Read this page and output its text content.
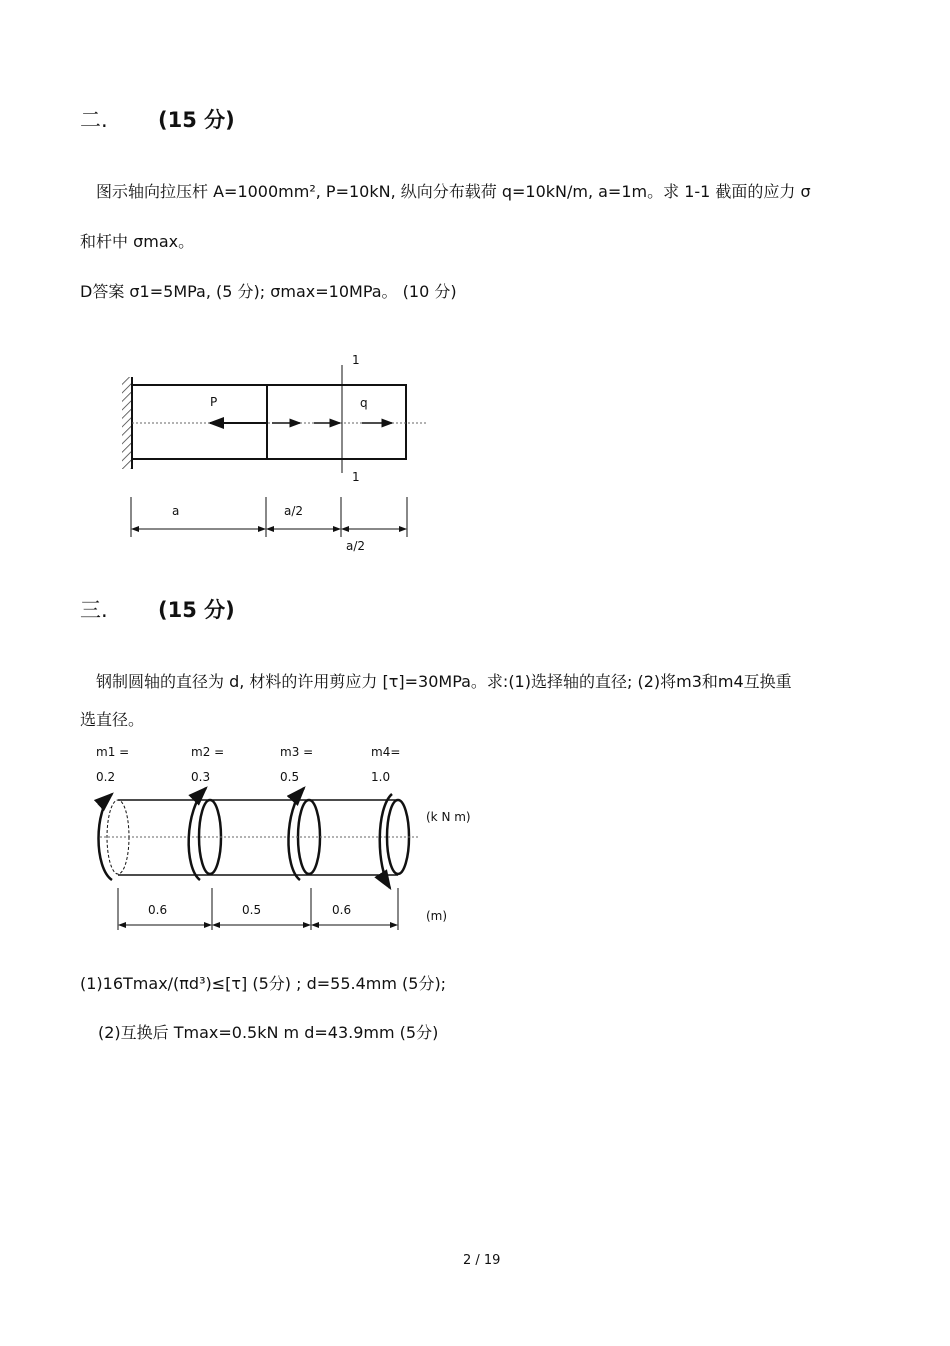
二. (15 分)
图示轴向拉压杆 A=1000mm², P=10kN, 纵向分布载荷 q=10kN/m, a=1m。求 1-1 截面的应力 σ
和杆中 σmax。
D答案 σ1=5MPa, (5 分); σmax=10MPa。 (10 分)
1
1
P	q
a	a/2
a/2
三. (15 分)
钢制圆轴的直径为 d, 材料的许用剪应力 [τ]=30MPa。求:(1)选择轴的直径; (2)将m3和m4互换重
选直径。
m1 =
0.2
m2 =
0.3
m3 =
0.5
m4=
1.0
(k N m)
(m)
0.6	0.5	0.6
(1)16Tmax/(πd³)≤[τ] (5分) ; d=55.4mm (5分);
(2)互换后 Tmax=0.5kN m d=43.9mm (5分)
2 / 19
